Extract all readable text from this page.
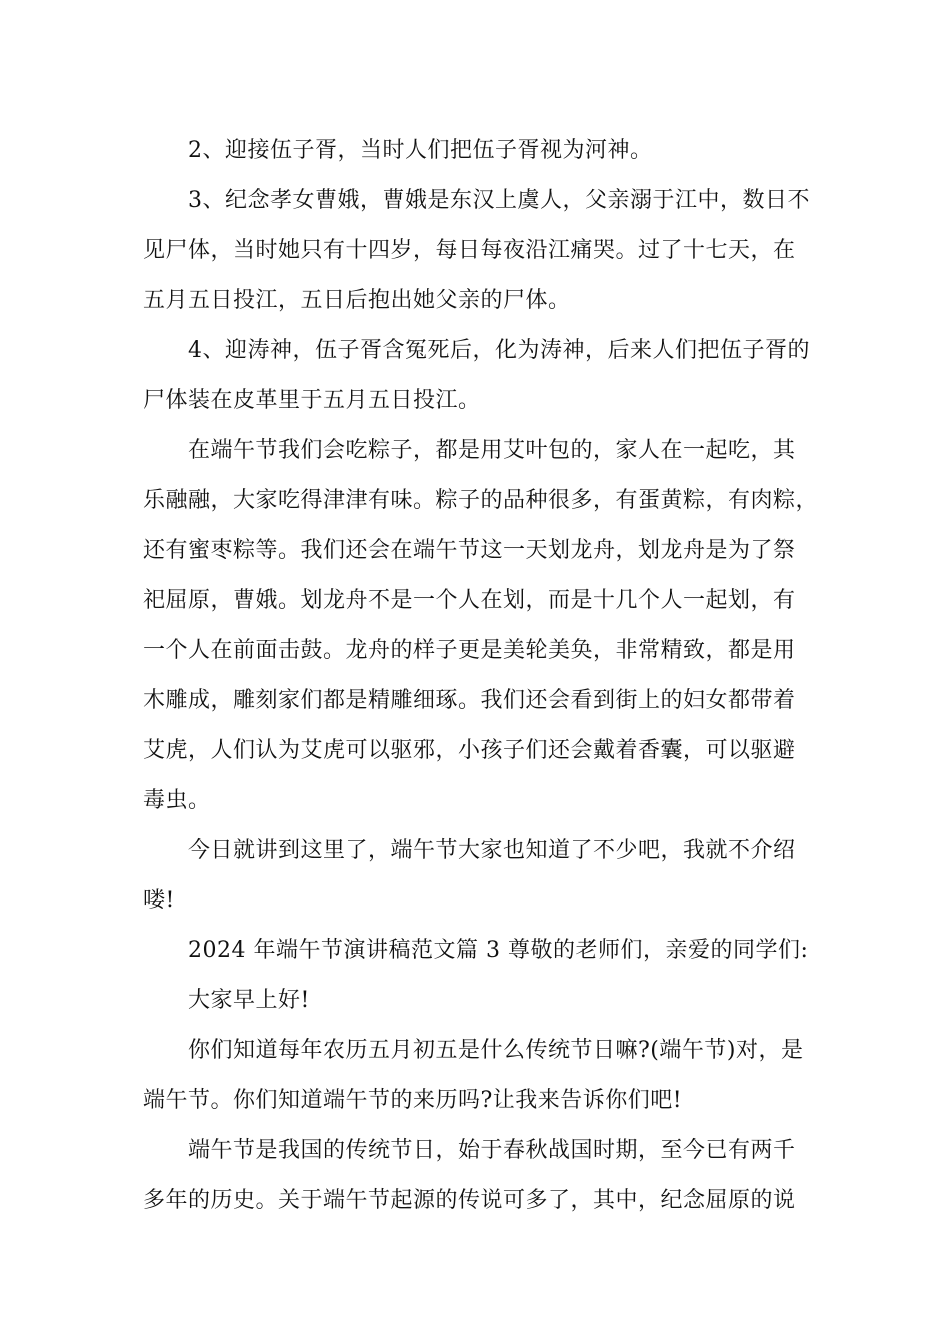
2、迎接伍子胥，当时人们把伍子胥视为河神。
3、纪念孝女曹娥，曹娥是东汉上虞人，父亲溺于江中，数日不
见尸体，当时她只有十四岁，每日每夜沿江痛哭。过了十七天，在
五月五日投江，五日后抱出她父亲的尸体。
4、迎涛神，伍子胥含冤死后，化为涛神，后来人们把伍子胥的
尸体装在皮革里于五月五日投江。
在端午节我们会吃粽子，都是用艾叶包的，家人在一起吃，其
乐融融，大家吃得津津有味。粽子的品种很多，有蛋黄粽，有肉粽，
还有蜜枣粽等。我们还会在端午节这一天划龙舟，划龙舟是为了祭
祀屈原，曹娥。划龙舟不是一个人在划，而是十几个人一起划，有
一个人在前面击鼓。龙舟的样子更是美轮美奂，非常精致，都是用
木雕成，雕刻家们都是精雕细琢。我们还会看到街上的妇女都带着
艾虎，人们认为艾虎可以驱邪，小孩子们还会戴着香囊，可以驱避
毒虫。
今日就讲到这里了，端午节大家也知道了不少吧，我就不介绍
喽!
2024 年端午节演讲稿范文篇 3 尊敬的老师们，亲爱的同学们:
大家早上好!
你们知道每年农历五月初五是什么传统节日嘛?(端午节)对，是
端午节。你们知道端午节的来历吗?让我来告诉你们吧!
端午节是我国的传统节日，始于春秋战国时期，至今已有两千
多年的历史。关于端午节起源的传说可多了，其中，纪念屈原的说
